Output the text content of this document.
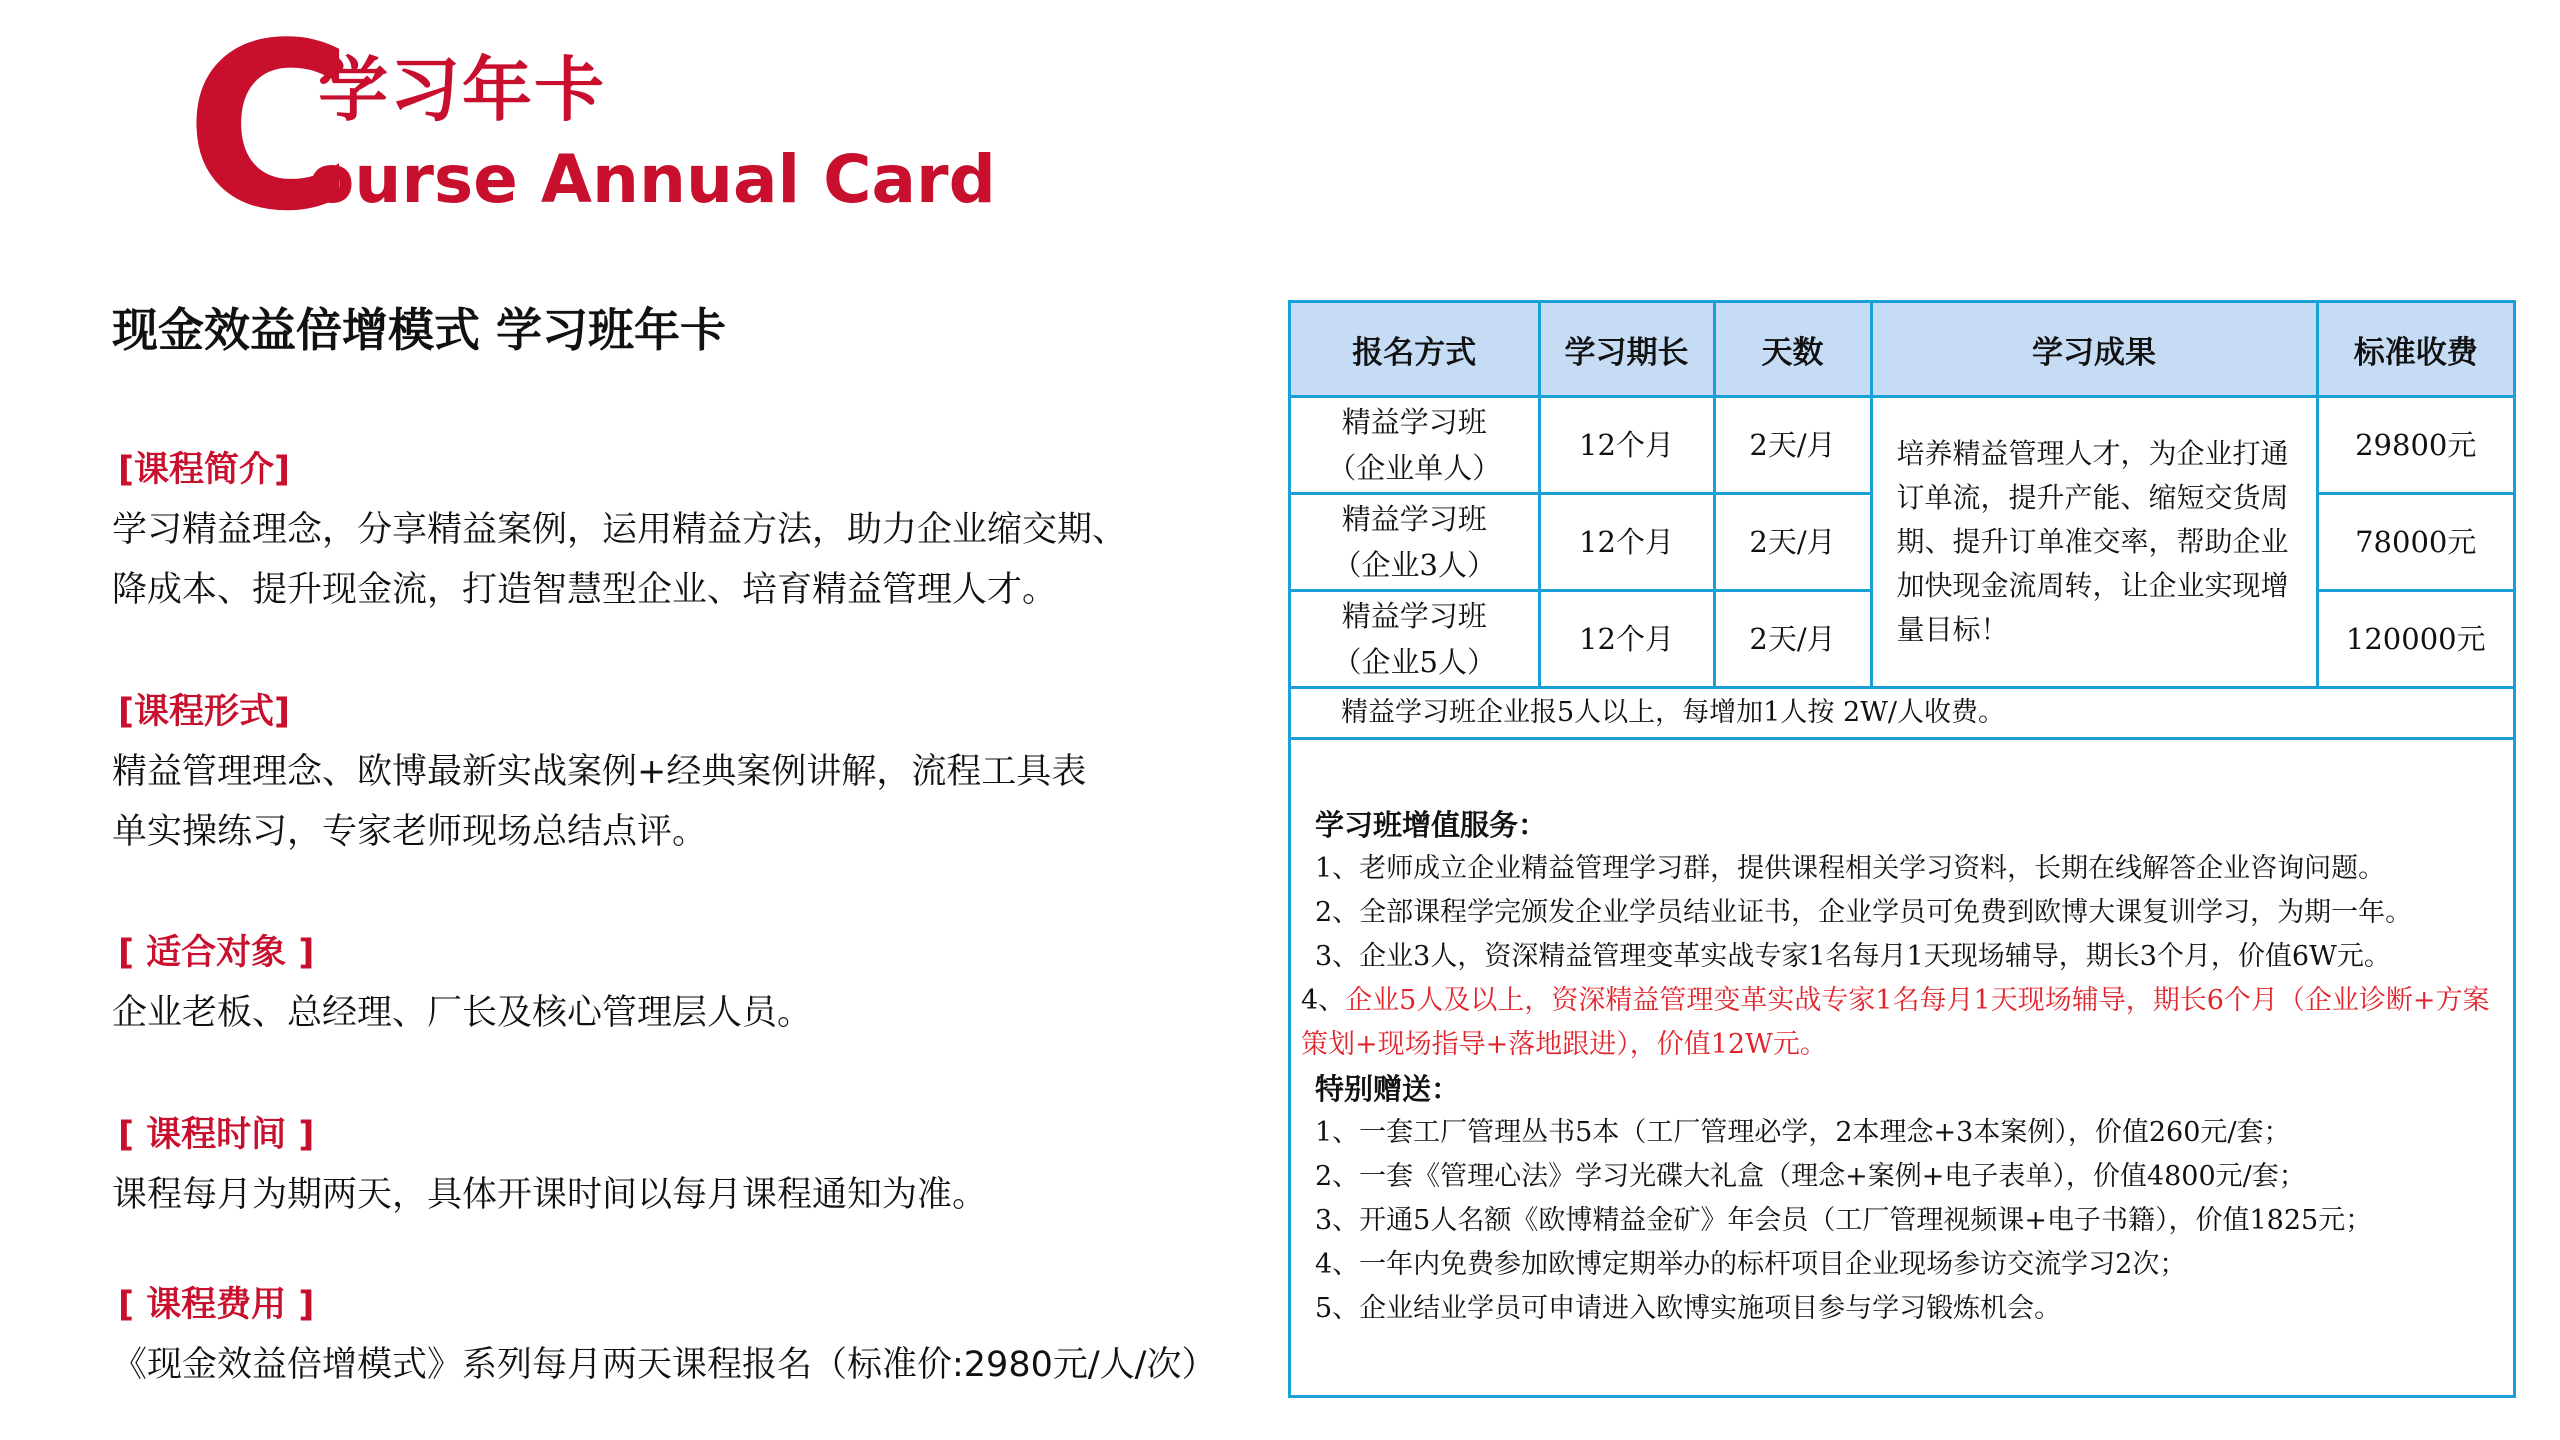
C
学习年卡
ourse Annual Card
现金效益倍增模式 学习班年卡
[课程简介]
学习精益理念，分享精益案例，运用精益方法，助力企业缩交期、
降成本、提升现金流，打造智慧型企业、培育精益管理人才。
[课程形式]
精益管理理念、欧博最新实战案例+经典案例讲解，流程工具表
单实操练习，专家老师现场总结点评。
[ 适合对象 ]
企业老板、总经理、厂长及核心管理层人员。
[ 课程时间 ]
课程每月为期两天，具体开课时间以每月课程通知为准。
[ 课程费用 ]
《现金效益倍增模式》系列每月两天课程报名（标准价:2980元/人/次）
报名方式	学习期长	天数	学习成果	标准收费

精益学习班
（企业单人）	12个月	2天/月	培养精益管理人才，为企业打通订单流，提升产能、缩短交货周期、提升订单准交率，帮助企业加快现金流周转，让企业实现增量目标！	29800元

精益学习班
（企业3人）	12个月	2天/月		78000元

精益学习班
（企业5人）	12个月	2天/月		120000元
精益学习班企业报5人以上，每增加1人按 2W/人收费。				
学习班增值服务：
1、老师成立企业精益管理学习群，提供课程相关学习资料，长期在线解答企业咨询问题。
2、全部课程学完颁发企业学员结业证书，企业学员可免费到欧博大课复训学习，为期一年。
3、企业3人，资深精益管理变革实战专家1名每月1天现场辅导，期长3个月，价值6W元。
4、企业5人及以上，资深精益管理变革实战专家1名每月1天现场辅导，期长6个月（企业诊断+方案策划+现场指导+落地跟进），价值12W元。
特别赠送：
1、一套工厂管理丛书5本（工厂管理必学，2本理念+3本案例），价值260元/套；
2、一套《管理心法》学习光碟大礼盒（理念+案例+电子表单），价值4800元/套；
3、开通5人名额《欧博精益金矿》年会员（工厂管理视频课+电子书籍），价值1825元；
4、一年内免费参加欧博定期举办的标杆项目企业现场参访交流学习2次；
5、企业结业学员可申请进入欧博实施项目参与学习锻炼机会。
